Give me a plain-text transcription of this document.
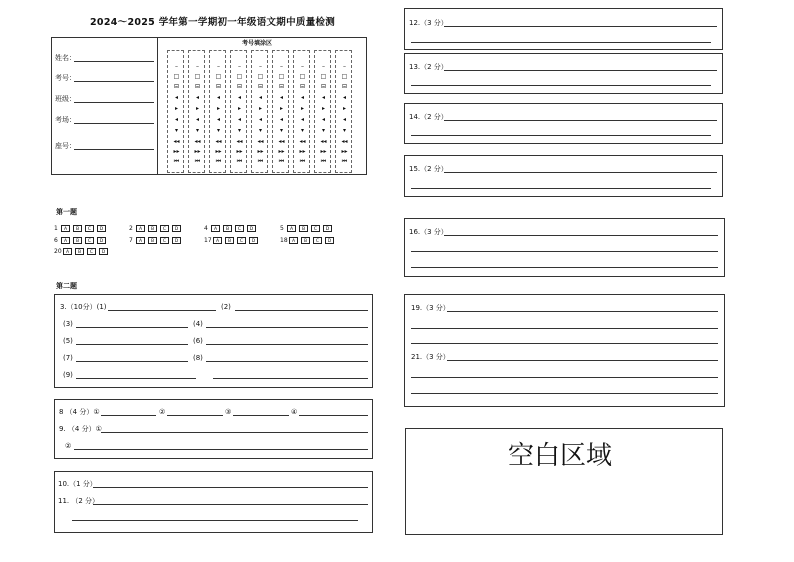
2024～2025 学年第一学期初一年级语文期中质量检测
姓名：
考号：
班级：
考场：
座号：
考号填涂区
–
□
⊟
◂
▸
◂
▾
◂◂
▸▸
⏮
–
□
⊟
◂
▸
◂
▾
◂◂
▸▸
⏮
–
□
⊟
◂
▸
◂
▾
◂◂
▸▸
⏮
–
□
⊟
◂
▸
◂
▾
◂◂
▸▸
⏮
–
□
⊟
◂
▸
◂
▾
◂◂
▸▸
⏮
–
□
⊟
◂
▸
◂
▾
◂◂
▸▸
⏮
–
□
⊟
◂
▸
◂
▾
◂◂
▸▸
⏮
–
□
⊟
◂
▸
◂
▾
◂◂
▸▸
⏮
–
□
⊟
◂
▸
◂
▾
◂◂
▸▸
⏮
第一题
1	A	B	C	D	2	A	B	C	D	4	A	B	C	D	5	A	B	C	D
6	A	B	C	D	7	A	B	C	D	17 A	B	C	D	18 A	B	C	D
20 A	B	C	D
第二题
3.（10分）(1)	(2)
(3)	(4)
(5)	(6)
(7)	(8)
(9)
8 （4 分）①	②	③	④
9. （4 分）①
②
10.（1 分）
11. （2 分）
12.（3 分）
13.（2 分）
14.（2 分）
15.（2 分）
16.（3 分）
19.（3 分）
21.（3 分）
空白区域
